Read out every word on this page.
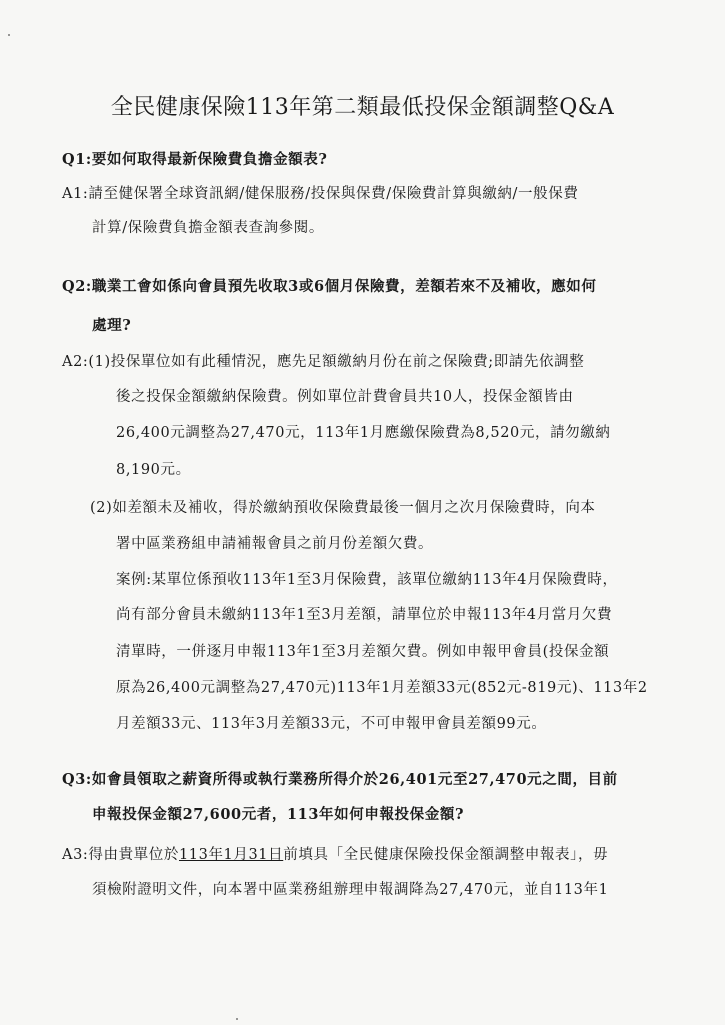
全民健康保險113年第二類最低投保金額調整Q&A
Q1:要如何取得最新保險費負擔金額表?
A1:請至健保署全球資訊網/健保服務/投保與保費/保險費計算與繳納/一般保費
計算/保險費負擔金額表查詢參閱。
Q2:職業工會如係向會員預先收取3或6個月保險費，差額若來不及補收，應如何
處理?
A2:(1)投保單位如有此種情況，應先足額繳納月份在前之保險費;即請先依調整
後之投保金額繳納保險費。例如單位計費會員共10人，投保金額皆由
26,400元調整為27,470元，113年1月應繳保險費為8,520元，請勿繳納
8,190元。
(2)如差額未及補收，得於繳納預收保險費最後一個月之次月保險費時，向本
署中區業務組申請補報會員之前月份差額欠費。
案例:某單位係預收113年1至3月保險費，該單位繳納113年4月保險費時，
尚有部分會員未繳納113年1至3月差額，請單位於申報113年4月當月欠費
清單時，一併逐月申報113年1至3月差額欠費。例如申報甲會員(投保金額
原為26,400元調整為27,470元)113年1月差額33元(852元-819元)、113年2
月差額33元、113年3月差額33元，不可申報甲會員差額99元。
Q3:如會員領取之薪資所得或執行業務所得介於26,401元至27,470元之間，目前
申報投保金額27,600元者，113年如何申報投保金額?
A3:得由貴單位於113年1月31日前填具「全民健康保險投保金額調整申報表」，毋
須檢附證明文件，向本署中區業務組辦理申報調降為27,470元，並自113年1
